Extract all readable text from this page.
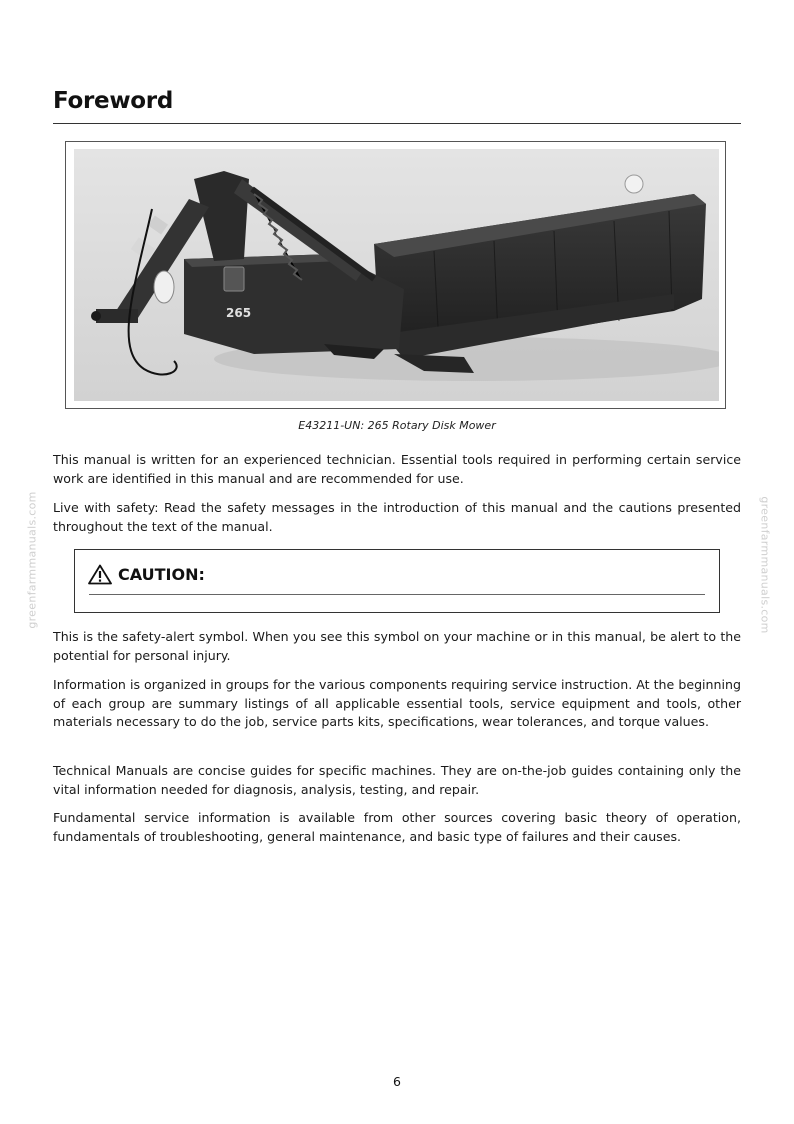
Foreword
265
E43211-UN: 265 Rotary Disk Mower

This manual is written for an experienced technician. Essential tools required in performing certain service work are identified in this manual and are recommended for use.

Live with safety: Read the safety messages in the introduction of this manual and the cautions presented throughout the text of the manual.

CAUTION:

This is the safety-alert symbol. When you see this symbol on your machine or in this manual, be alert to the potential for personal injury.

Information is organized in groups for the various components requiring service instruction. At the beginning of each group are summary listings of all applicable essential tools, service equipment and tools, other materials necessary to do the job, service parts kits, specifications, wear tolerances, and torque values.

Technical Manuals are concise guides for specific machines. They are on-the-job guides containing only the vital information needed for diagnosis, analysis, testing, and repair.

Fundamental service information is available from other sources covering basic theory of operation, fundamentals of troubleshooting, general maintenance, and basic type of failures and their causes.

greenfarmmanuals.com	greenfarmmanuals.com
6
